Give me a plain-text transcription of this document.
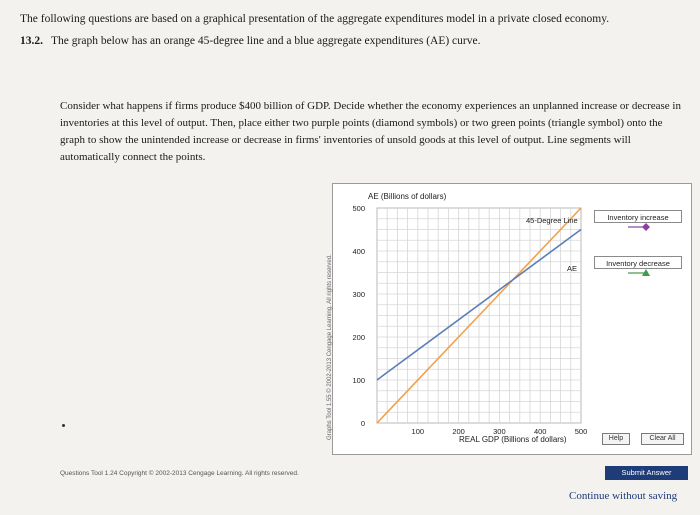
The following questions are based on a graphical presentation of the aggregate expenditures model in a private closed economy.
13.2. The graph below has an orange 45-degree line and a blue aggregate expenditures (AE) curve.
Consider what happens if firms produce $400 billion of GDP. Decide whether the economy experiences an unplanned increase or decrease in inventories at this level of output. Then, place either two purple points (diamond symbols) or two green points (triangle symbol) onto the graph to show the unintended increase or decrease in firms' inventories of unsold goods at this level of output. Line segments will automatically connect the points.
Graphs Tool 1.55 © 2002-2013 Cengage Learning. All rights reserved.
AE (Billions of dollars)
REAL GDP (Billions of dollars)
0
100
200
300
400
500
100	200	300	400	500
45-Degree Line
AE
Inventory increase
Inventory decrease
Help	Clear All
Questions Tool 1.24 Copyright © 2002-2013 Cengage Learning. All rights reserved.	Submit Answer
Continue without saving
